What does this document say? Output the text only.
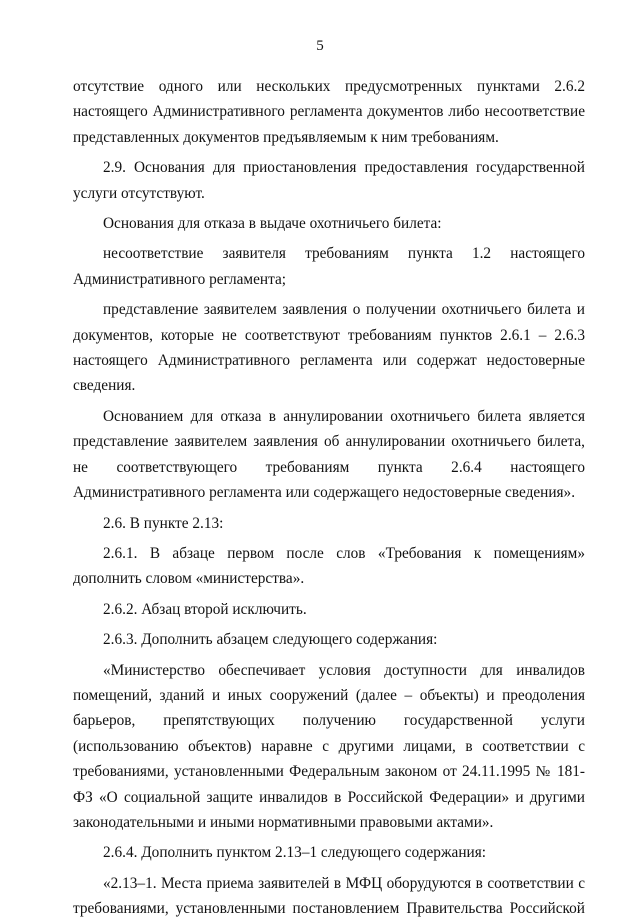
5

отсутствие одного или нескольких предусмотренных пунктами 2.6.2 настоящего Административного регламента документов либо несоответствие представленных документов предъявляемым к ним требованиям.

2.9. Основания для приостановления предоставления государственной услуги отсутствуют.

Основания для отказа в выдаче охотничьего билета:

несоответствие заявителя требованиям пункта 1.2 настоящего Административного регламента;

представление заявителем заявления о получении охотничьего билета и документов, которые не соответствуют требованиям пунктов 2.6.1 – 2.6.3 настоящего Административного регламента или содержат недостоверные сведения.

Основанием для отказа в аннулировании охотничьего билета является представление заявителем заявления об аннулировании охотничьего билета, не соответствующего требованиям пункта 2.6.4 настоящего Административного регламента или содержащего недостоверные сведения».

2.6. В пункте 2.13:

2.6.1. В абзаце первом после слов «Требования к помещениям» дополнить словом «министерства».

2.6.2. Абзац второй исключить.

2.6.3. Дополнить абзацем следующего содержания:

«Министерство обеспечивает условия доступности для инвалидов помещений, зданий и иных сооружений (далее – объекты) и преодоления барьеров, препятствующих получению государственной услуги (использованию объектов) наравне с другими лицами, в соответствии с требованиями, установленными Федеральным законом от 24.11.1995 № 181-ФЗ «О социальной защите инвалидов в Российской Федерации» и другими законодательными и иными нормативными правовыми актами».

2.6.4. Дополнить пунктом 2.13–1 следующего содержания:

«2.13–1. Места приема заявителей в МФЦ оборудуются в соответствии с требованиями, установленными постановлением Правительства Российской
